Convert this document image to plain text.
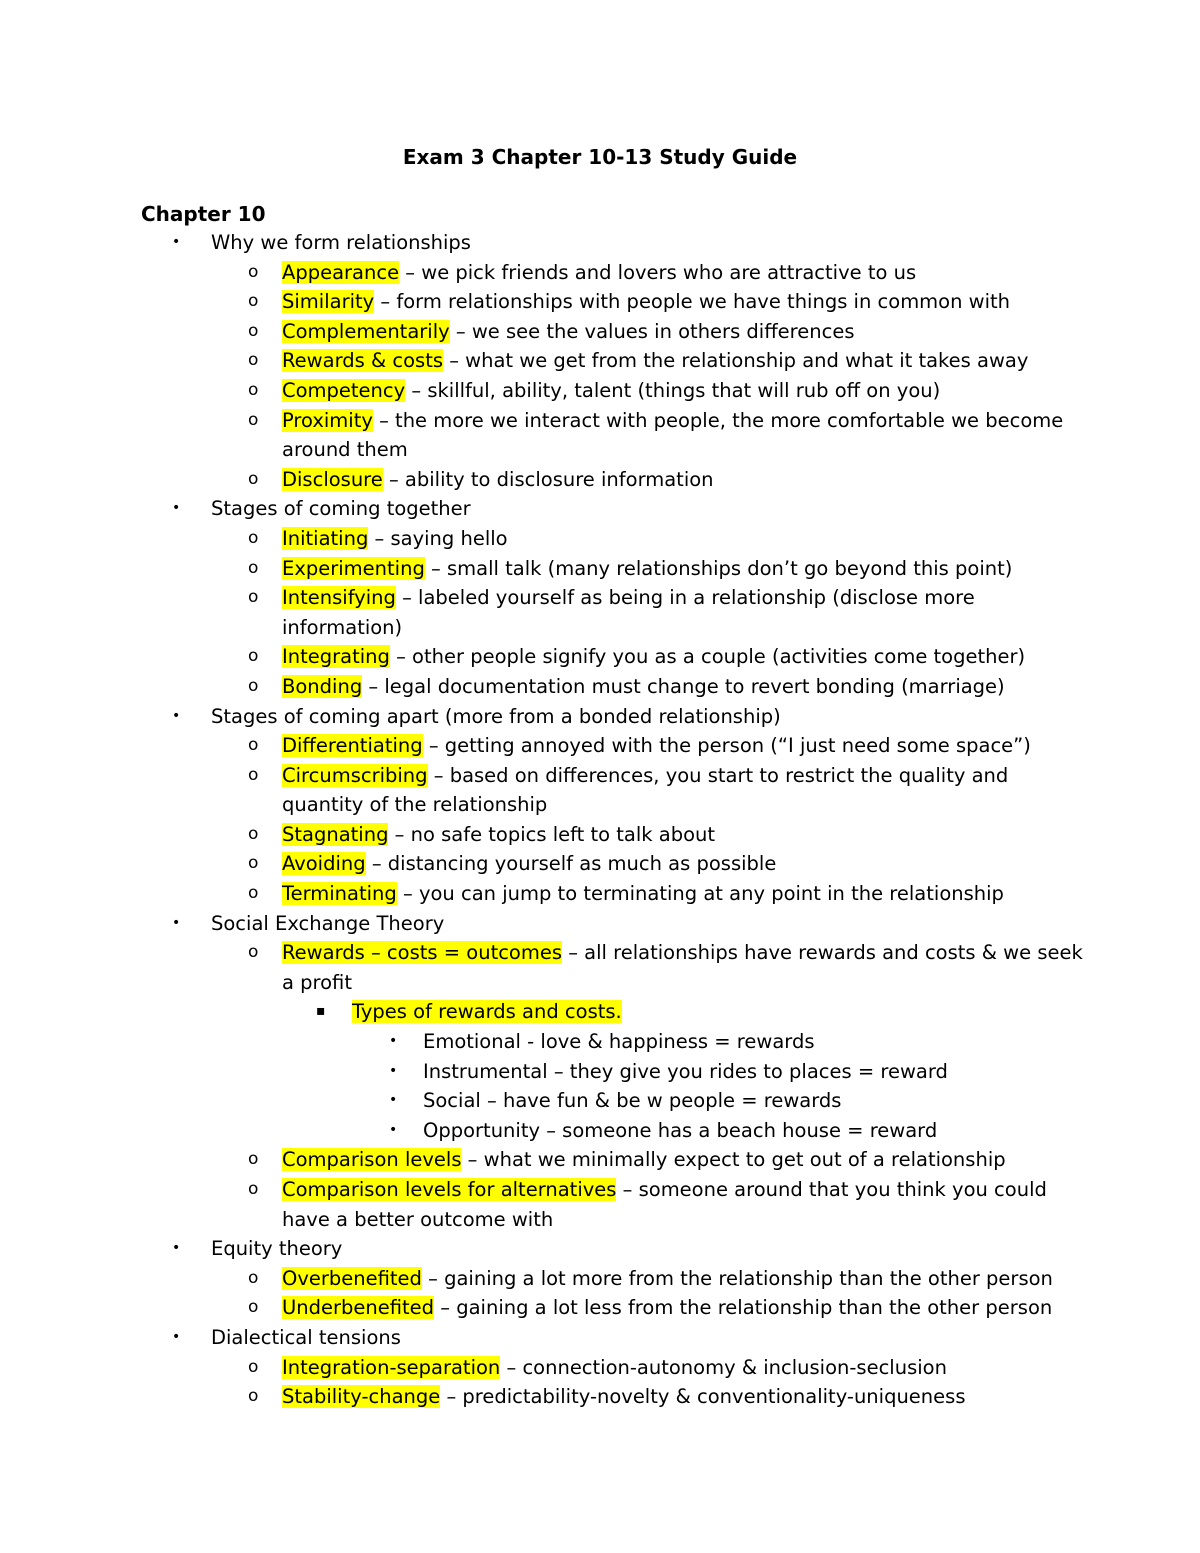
Exam 3 Chapter 10-13 Study Guide
Chapter 10
• Why we form relationships
o Appearance – we pick friends and lovers who are attractive to us
o Similarity – form relationships with people we have things in common with
o Complementarily – we see the values in others differences
o Rewards & costs – what we get from the relationship and what it takes away
o Competency – skillful, ability, talent (things that will rub off on you)
o Proximity – the more we interact with people, the more comfortable we become
around them
o Disclosure – ability to disclosure information
• Stages of coming together
o Initiating – saying hello
o Experimenting – small talk (many relationships don’t go beyond this point)
o Intensifying – labeled yourself as being in a relationship (disclose more
information)
o Integrating – other people signify you as a couple (activities come together)
o Bonding – legal documentation must change to revert bonding (marriage)
• Stages of coming apart (more from a bonded relationship)
o Differentiating – getting annoyed with the person (“I just need some space”)
o Circumscribing – based on differences, you start to restrict the quality and
quantity of the relationship
o Stagnating – no safe topics left to talk about
o Avoiding – distancing yourself as much as possible
o Terminating – you can jump to terminating at any point in the relationship
• Social Exchange Theory
o Rewards – costs = outcomes – all relationships have rewards and costs & we seek
a profit
▪ Types of rewards and costs.
• Emotional - love & happiness = rewards
• Instrumental – they give you rides to places = reward
• Social – have fun & be w people = rewards
• Opportunity – someone has a beach house = reward
o Comparison levels – what we minimally expect to get out of a relationship
o Comparison levels for alternatives – someone around that you think you could
have a better outcome with
• Equity theory
o Overbenefited – gaining a lot more from the relationship than the other person
o Underbenefited – gaining a lot less from the relationship than the other person
• Dialectical tensions
o Integration-separation – connection-autonomy & inclusion-seclusion
o Stability-change – predictability-novelty & conventionality-uniqueness
